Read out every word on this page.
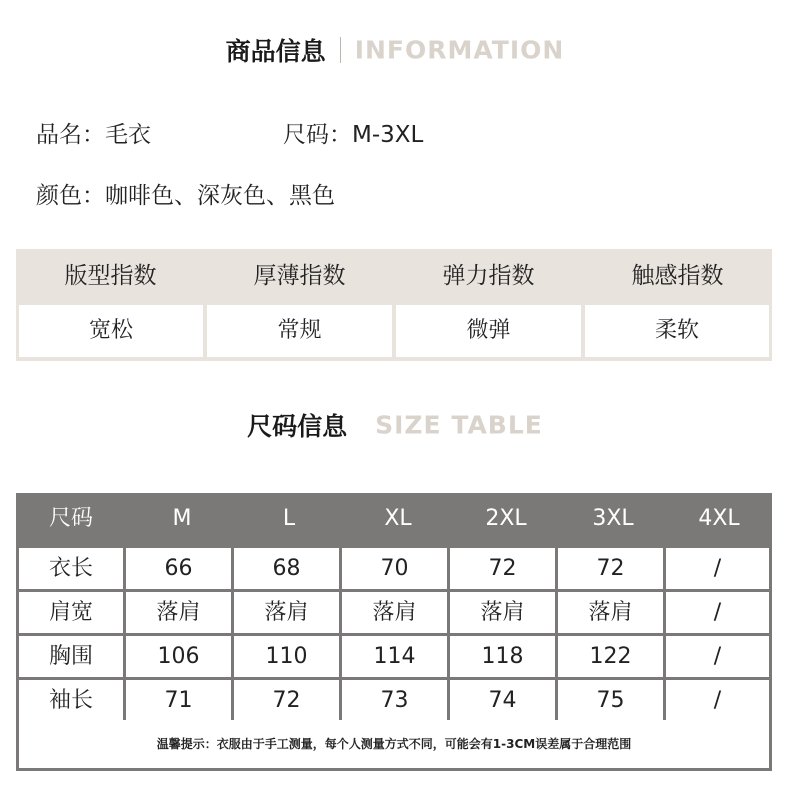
商品信息 INFORMATION
品名：毛衣	尺码：M-3XL
颜色：咖啡色、深灰色、黑色
版型指数	厚薄指数	弹力指数	触感指数
宽松	常规	微弹	柔软
尺码信息 SIZE TABLE
温馨提示：衣服由于手工测量，每个人测量方式不同，可能会有1-3CM误差属于合理范围
尺码	M	L	XL	2XL	3XL	4XL
衣长	66	68	70	72	72	/
肩宽	落肩	落肩	落肩	落肩	落肩	/
胸围	106	110	114	118	122	/
袖长	71	72	73	74	75	/
